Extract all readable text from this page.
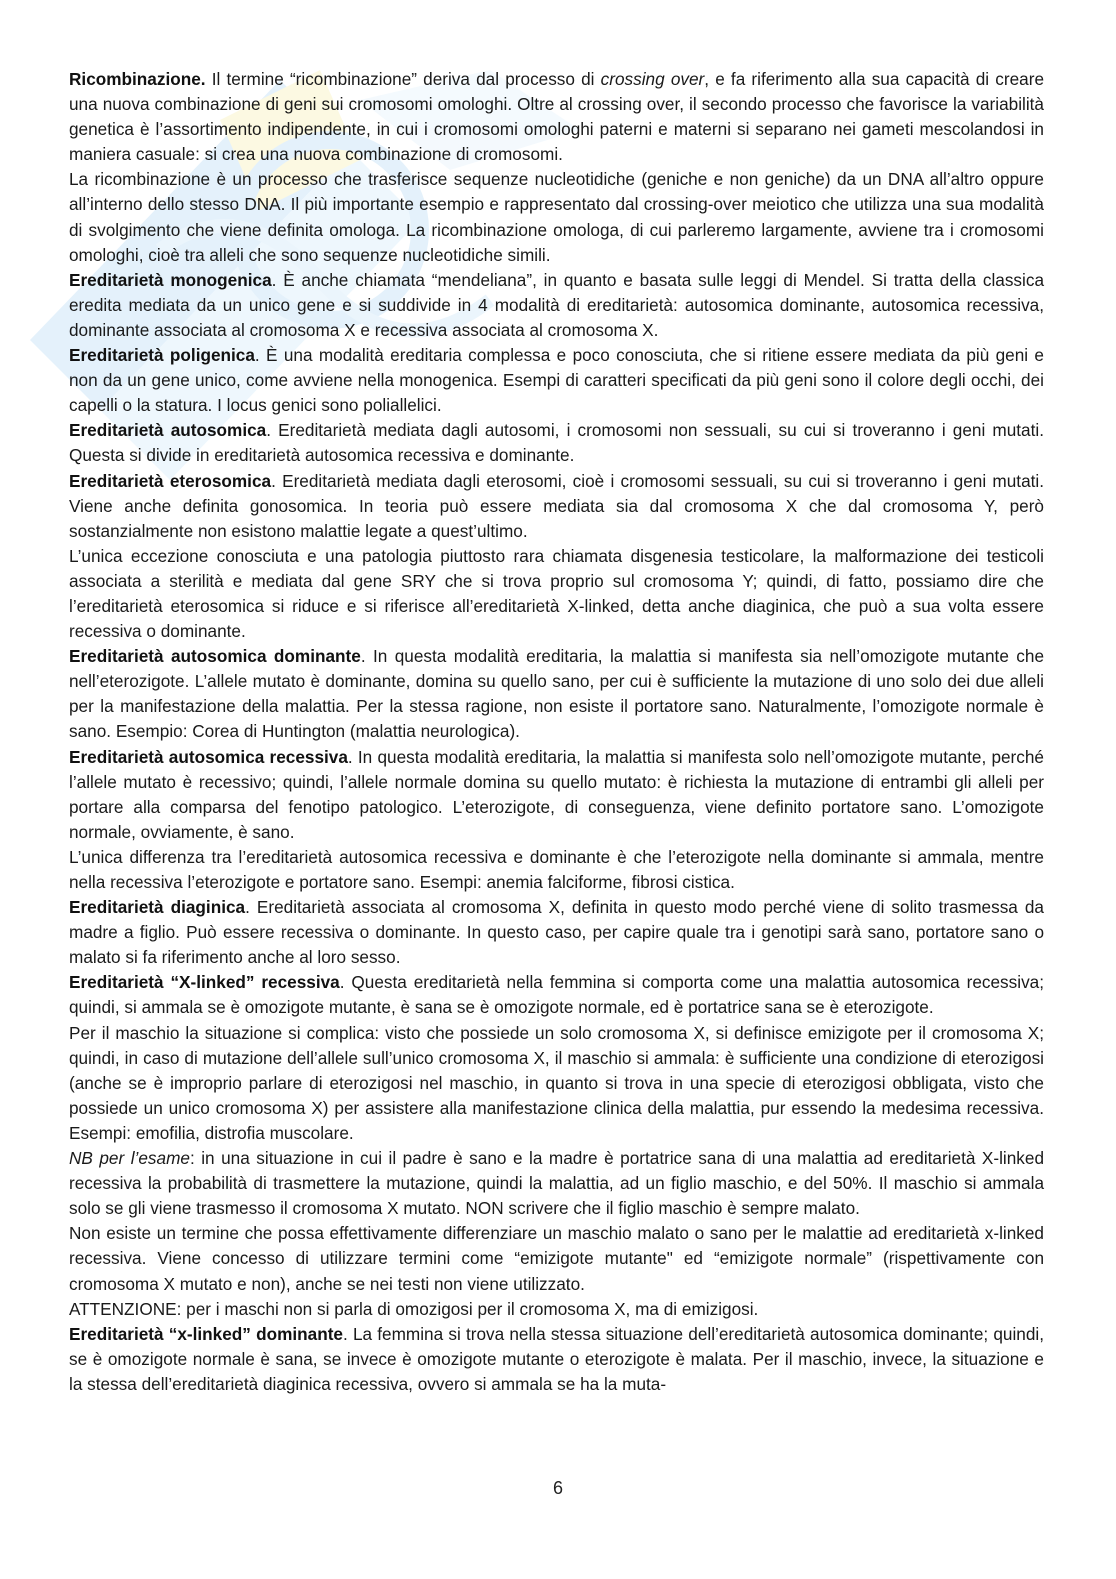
Ricombinazione. Il termine “ricombinazione” deriva dal processo di crossing over, e fa riferimento alla sua capacità di creare una nuova combinazione di geni sui cromosomi omologhi. Oltre al crossing over, il secondo processo che favorisce la variabilità genetica è l’assortimento indipendente, in cui i cromosomi omologhi paterni e materni si separano nei gameti mescolandosi in maniera casuale: si crea una nuova combinazione di cromosomi.

La ricombinazione è un processo che trasferisce sequenze nucleotidiche (geniche e non geniche) da un DNA all’altro oppure all’interno dello stesso DNA. Il più importante esempio e rappresentato dal crossing-over meiotico che utilizza una sua modalità di svolgimento che viene definita omologa. La ricombinazione omologa, di cui parleremo largamente, avviene tra i cromosomi omologhi, cioè tra alleli che sono sequenze nucleotidiche simili.

Ereditarietà monogenica. È anche chiamata “mendeliana”, in quanto e basata sulle leggi di Mendel. Si tratta della classica eredita mediata da un unico gene e si suddivide in 4 modalità di ereditarietà: autosomica dominante, autosomica recessiva, dominante associata al cromosoma X e recessiva associata al cromosoma X.

Ereditarietà poligenica. È una modalità ereditaria complessa e poco conosciuta, che si ritiene essere mediata da più geni e non da un gene unico, come avviene nella monogenica. Esempi di caratteri specificati da più geni sono il colore degli occhi, dei capelli o la statura. I locus genici sono poliallelici.

Ereditarietà autosomica. Ereditarietà mediata dagli autosomi, i cromosomi non sessuali, su cui si troveranno i geni mutati. Questa si divide in ereditarietà autosomica recessiva e dominante.

Ereditarietà eterosomica. Ereditarietà mediata dagli eterosomi, cioè i cromosomi sessuali, su cui si troveranno i geni mutati. Viene anche definita gonosomica. In teoria può essere mediata sia dal cromosoma X che dal cromosoma Y, però sostanzialmente non esistono malattie legate a quest’ultimo.

L’unica eccezione conosciuta e una patologia piuttosto rara chiamata disgenesia testicolare, la malformazione dei testicoli associata a sterilità e mediata dal gene SRY che si trova proprio sul cromosoma Y; quindi, di fatto, possiamo dire che l’ereditarietà eterosomica si riduce e si riferisce all’ereditarietà X-linked, detta anche diaginica, che può a sua volta essere recessiva o dominante.

Ereditarietà autosomica dominante. In questa modalità ereditaria, la malattia si manifesta sia nell’omozigote mutante che nell’eterozigote. L’allele mutato è dominante, domina su quello sano, per cui è sufficiente la mutazione di uno solo dei due alleli per la manifestazione della malattia. Per la stessa ragione, non esiste il portatore sano. Naturalmente, l’omozigote normale è sano. Esempio: Corea di Huntington (malattia neurologica).

Ereditarietà autosomica recessiva. In questa modalità ereditaria, la malattia si manifesta solo nell’omozigote mutante, perché l’allele mutato è recessivo; quindi, l’allele normale domina su quello mutato: è richiesta la mutazione di entrambi gli alleli per portare alla comparsa del fenotipo patologico. L’eterozigote, di conseguenza, viene definito portatore sano. L’omozigote normale, ovviamente, è sano.

L’unica differenza tra l’ereditarietà autosomica recessiva e dominante è che l’eterozigote nella dominante si ammala, mentre nella recessiva l’eterozigote e portatore sano. Esempi: anemia falciforme, fibrosi cistica.

Ereditarietà diaginica. Ereditarietà associata al cromosoma X, definita in questo modo perché viene di solito trasmessa da madre a figlio. Può essere recessiva o dominante. In questo caso, per capire quale tra i genotipi sarà sano, portatore sano o malato si fa riferimento anche al loro sesso.

Ereditarietà “X-linked” recessiva. Questa ereditarietà nella femmina si comporta come una malattia autosomica recessiva; quindi, si ammala se è omozigote mutante, è sana se è omozigote normale, ed è portatrice sana se è eterozigote.

Per il maschio la situazione si complica: visto che possiede un solo cromosoma X, si definisce emizigote per il cromosoma X; quindi, in caso di mutazione dell’allele sull’unico cromosoma X, il maschio si ammala: è sufficiente una condizione di eterozigosi (anche se è improprio parlare di eterozigosi nel maschio, in quanto si trova in una specie di eterozigosi obbligata, visto che possiede un unico cromosoma X) per assistere alla manifestazione clinica della malattia, pur essendo la medesima recessiva. Esempi: emofilia, distrofia muscolare.

NB per l’esame: in una situazione in cui il padre è sano e la madre è portatrice sana di una malattia ad ereditarietà X-linked recessiva la probabilità di trasmettere la mutazione, quindi la malattia, ad un figlio maschio, e del 50%. Il maschio si ammala solo se gli viene trasmesso il cromosoma X mutato. NON scrivere che il figlio maschio è sempre malato.

Non esiste un termine che possa effettivamente differenziare un maschio malato o sano per le malattie ad ereditarietà x-linked recessiva. Viene concesso di utilizzare termini come “emizigote mutante" ed “emizigote normale” (rispettivamente con cromosoma X mutato e non), anche se nei testi non viene utilizzato.

ATTENZIONE: per i maschi non si parla di omozigosi per il cromosoma X, ma di emizigosi.

Ereditarietà “x-linked” dominante. La femmina si trova nella stessa situazione dell’ereditarietà autosomica dominante; quindi, se è omozigote normale è sana, se invece è omozigote mutante o eterozigote è malata. Per il maschio, invece, la situazione e la stessa dell’ereditarietà diaginica recessiva, ovvero si ammala se ha la muta-

6
